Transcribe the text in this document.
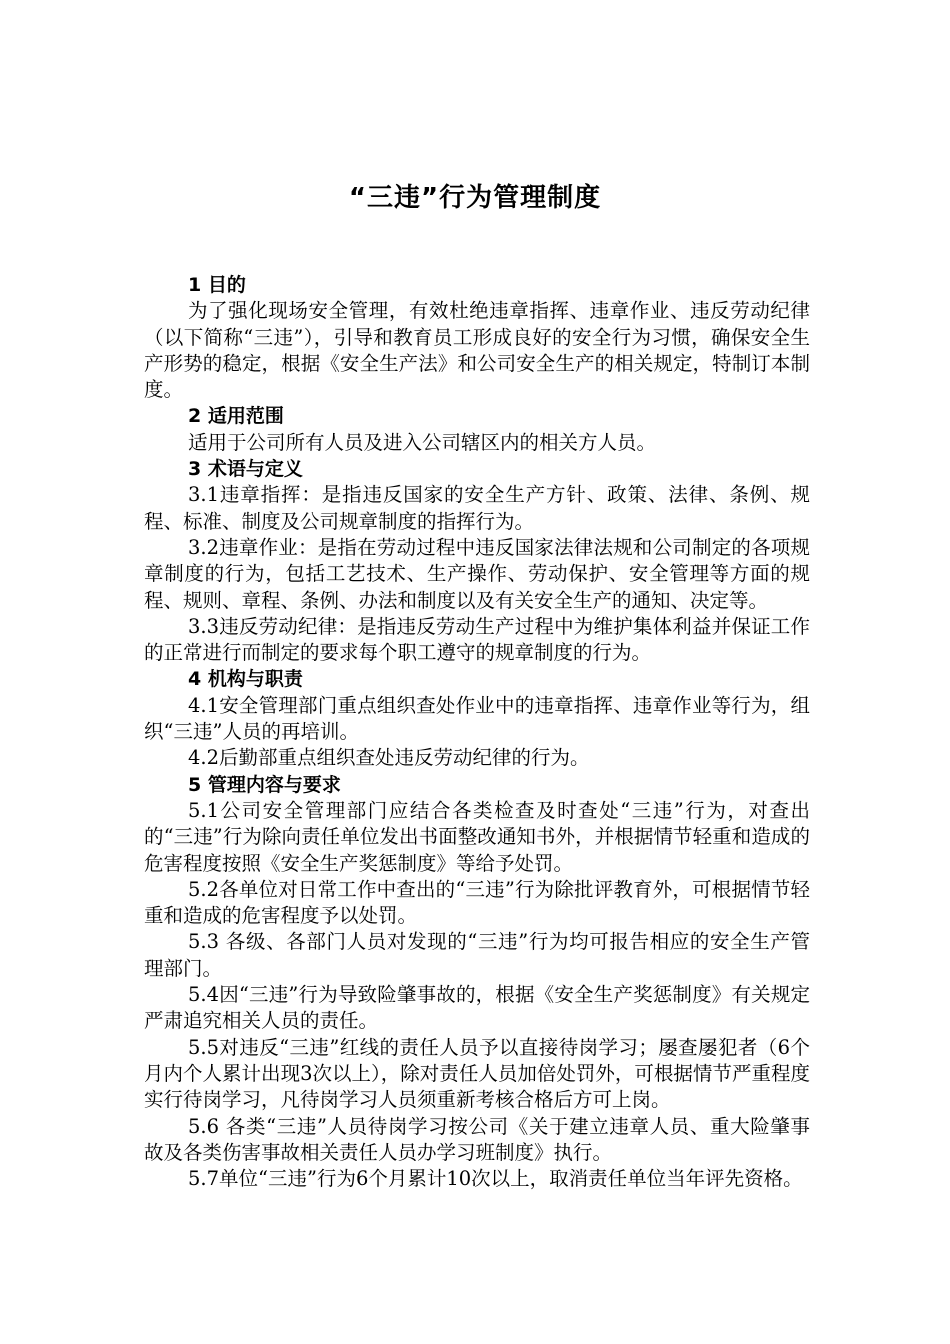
“三违”行为管理制度
1 目的

为了强化现场安全管理，有效杜绝违章指挥、违章作业、违反劳动纪律（以下简称“三违”），引导和教育员工形成良好的安全行为习惯，确保安全生产形势的稳定，根据《安全生产法》和公司安全生产的相关规定，特制订本制度。

2 适用范围

适用于公司所有人员及进入公司辖区内的相关方人员。

3 术语与定义

3.1违章指挥：是指违反国家的安全生产方针、政策、法律、条例、规程、标准、制度及公司规章制度的指挥行为。

3.2违章作业：是指在劳动过程中违反国家法律法规和公司制定的各项规章制度的行为，包括工艺技术、生产操作、劳动保护、安全管理等方面的规程、规则、章程、条例、办法和制度以及有关安全生产的通知、决定等。

3.3违反劳动纪律：是指违反劳动生产过程中为维护集体利益并保证工作的正常进行而制定的要求每个职工遵守的规章制度的行为。

4 机构与职责

4.1安全管理部门重点组织查处作业中的违章指挥、违章作业等行为，组织“三违”人员的再培训。

4.2后勤部重点组织查处违反劳动纪律的行为。

5 管理内容与要求

5.1公司安全管理部门应结合各类检查及时查处“三违”行为，对查出的“三违”行为除向责任单位发出书面整改通知书外，并根据情节轻重和造成的危害程度按照《安全生产奖惩制度》等给予处罚。

5.2各单位对日常工作中查出的“三违”行为除批评教育外，可根据情节轻重和造成的危害程度予以处罚。

5.3 各级、各部门人员对发现的“三违”行为均可报告相应的安全生产管理部门。

5.4因“三违”行为导致险肇事故的，根据《安全生产奖惩制度》有关规定严肃追究相关人员的责任。

5.5对违反“三违”红线的责任人员予以直接待岗学习；屡查屡犯者（6个月内个人累计出现3次以上），除对责任人员加倍处罚外，可根据情节严重程度实行待岗学习，凡待岗学习人员须重新考核合格后方可上岗。

5.6 各类“三违”人员待岗学习按公司《关于建立违章人员、重大险肇事故及各类伤害事故相关责任人员办学习班制度》执行。

5.7单位“三违”行为6个月累计10次以上，取消责任单位当年评先资格。
